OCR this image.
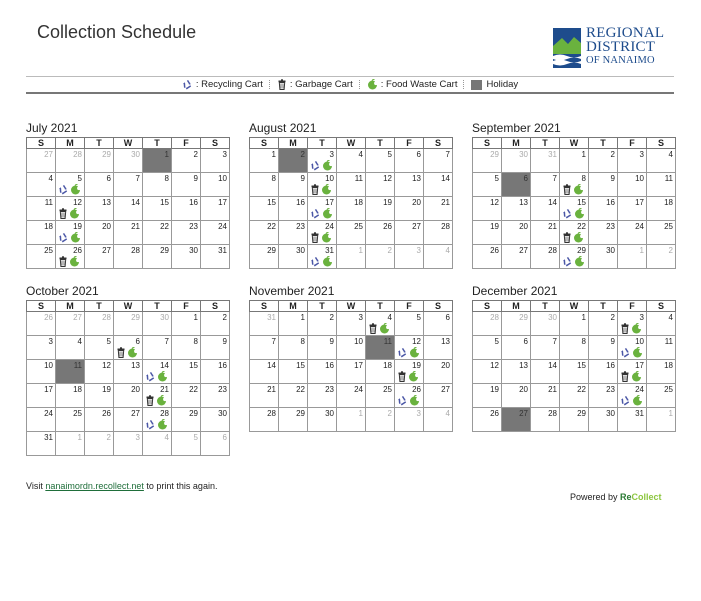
Collection Schedule	REGIONAL
DISTRICT
OF NANAIMO
: Recycling Cart	: Garbage Cart	: Food Waste Cart	Holiday
July 2021
S	M	T	W	T	F	S

27	28	29	30	1	2	3

4	5	6	7	8	9	10

11	12	13	14	15	16	17

18	19	20	21	22	23	24

25	26	27	28	29	30	31
August 2021
S	M	T	W	T	F	S

1	2	3	4	5	6	7

8	9	10	11	12	13	14

15	16	17	18	19	20	21

22	23	24	25	26	27	28

29	30	31	1	2	3	4
September 2021
S	M	T	W	T	F	S

29	30	31	1	2	3	4

5	6	7	8	9	10	11

12	13	14	15	16	17	18

19	20	21	22	23	24	25

26	27	28	29	30	1	2
October 2021
S	M	T	W	T	F	S

26	27	28	29	30	1	2

3	4	5	6	7	8	9

10	11	12	13	14	15	16

17	18	19	20	21	22	23

24	25	26	27	28	29	30

31	1	2	3	4	5	6
November 2021
S	M	T	W	T	F	S

31	1	2	3	4	5	6

7	8	9	10	11	12	13

14	15	16	17	18	19	20

21	22	23	24	25	26	27

28	29	30	1	2	3	4
December 2021
S	M	T	W	T	F	S

28	29	30	1	2	3	4

5	6	7	8	9	10	11

12	13	14	15	16	17	18

19	20	21	22	23	24	25

26	27	28	29	30	31	1
Visit nanaimordn.recollect.net to print this again.
Powered by ReCollect
